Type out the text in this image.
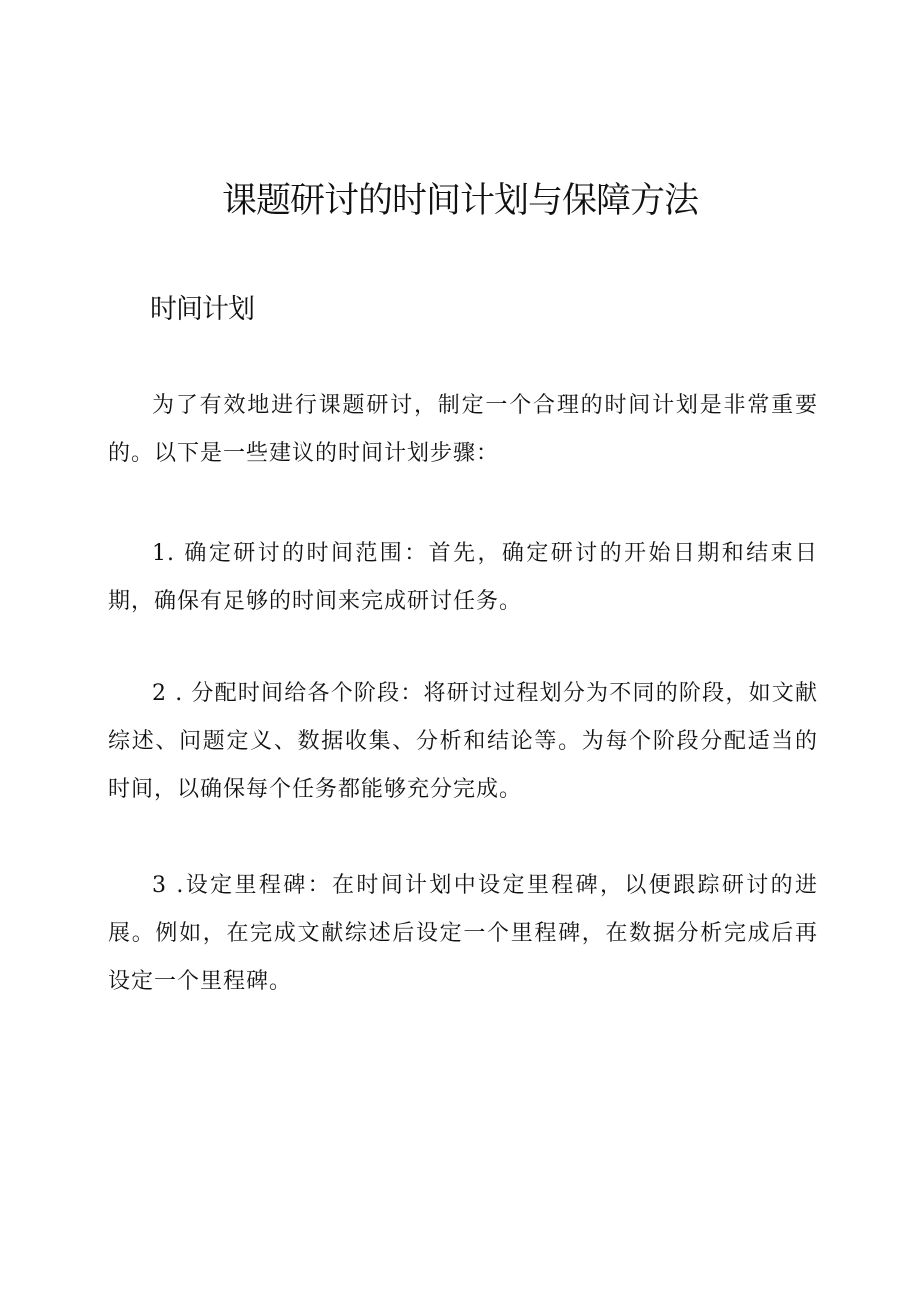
课题研讨的时间计划与保障方法
时间计划

为了有效地进行课题研讨，制定一个合理的时间计划是非常重要的。以下是一些建议的时间计划步骤：

1. 确定研讨的时间范围：首先，确定研讨的开始日期和结束日期，确保有足够的时间来完成研讨任务。

2 . 分配时间给各个阶段：将研讨过程划分为不同的阶段，如文献综述、问题定义、数据收集、分析和结论等。为每个阶段分配适当的时间，以确保每个任务都能够充分完成。

3 .设定里程碑：在时间计划中设定里程碑，以便跟踪研讨的进展。例如，在完成文献综述后设定一个里程碑，在数据分析完成后再设定一个里程碑。
